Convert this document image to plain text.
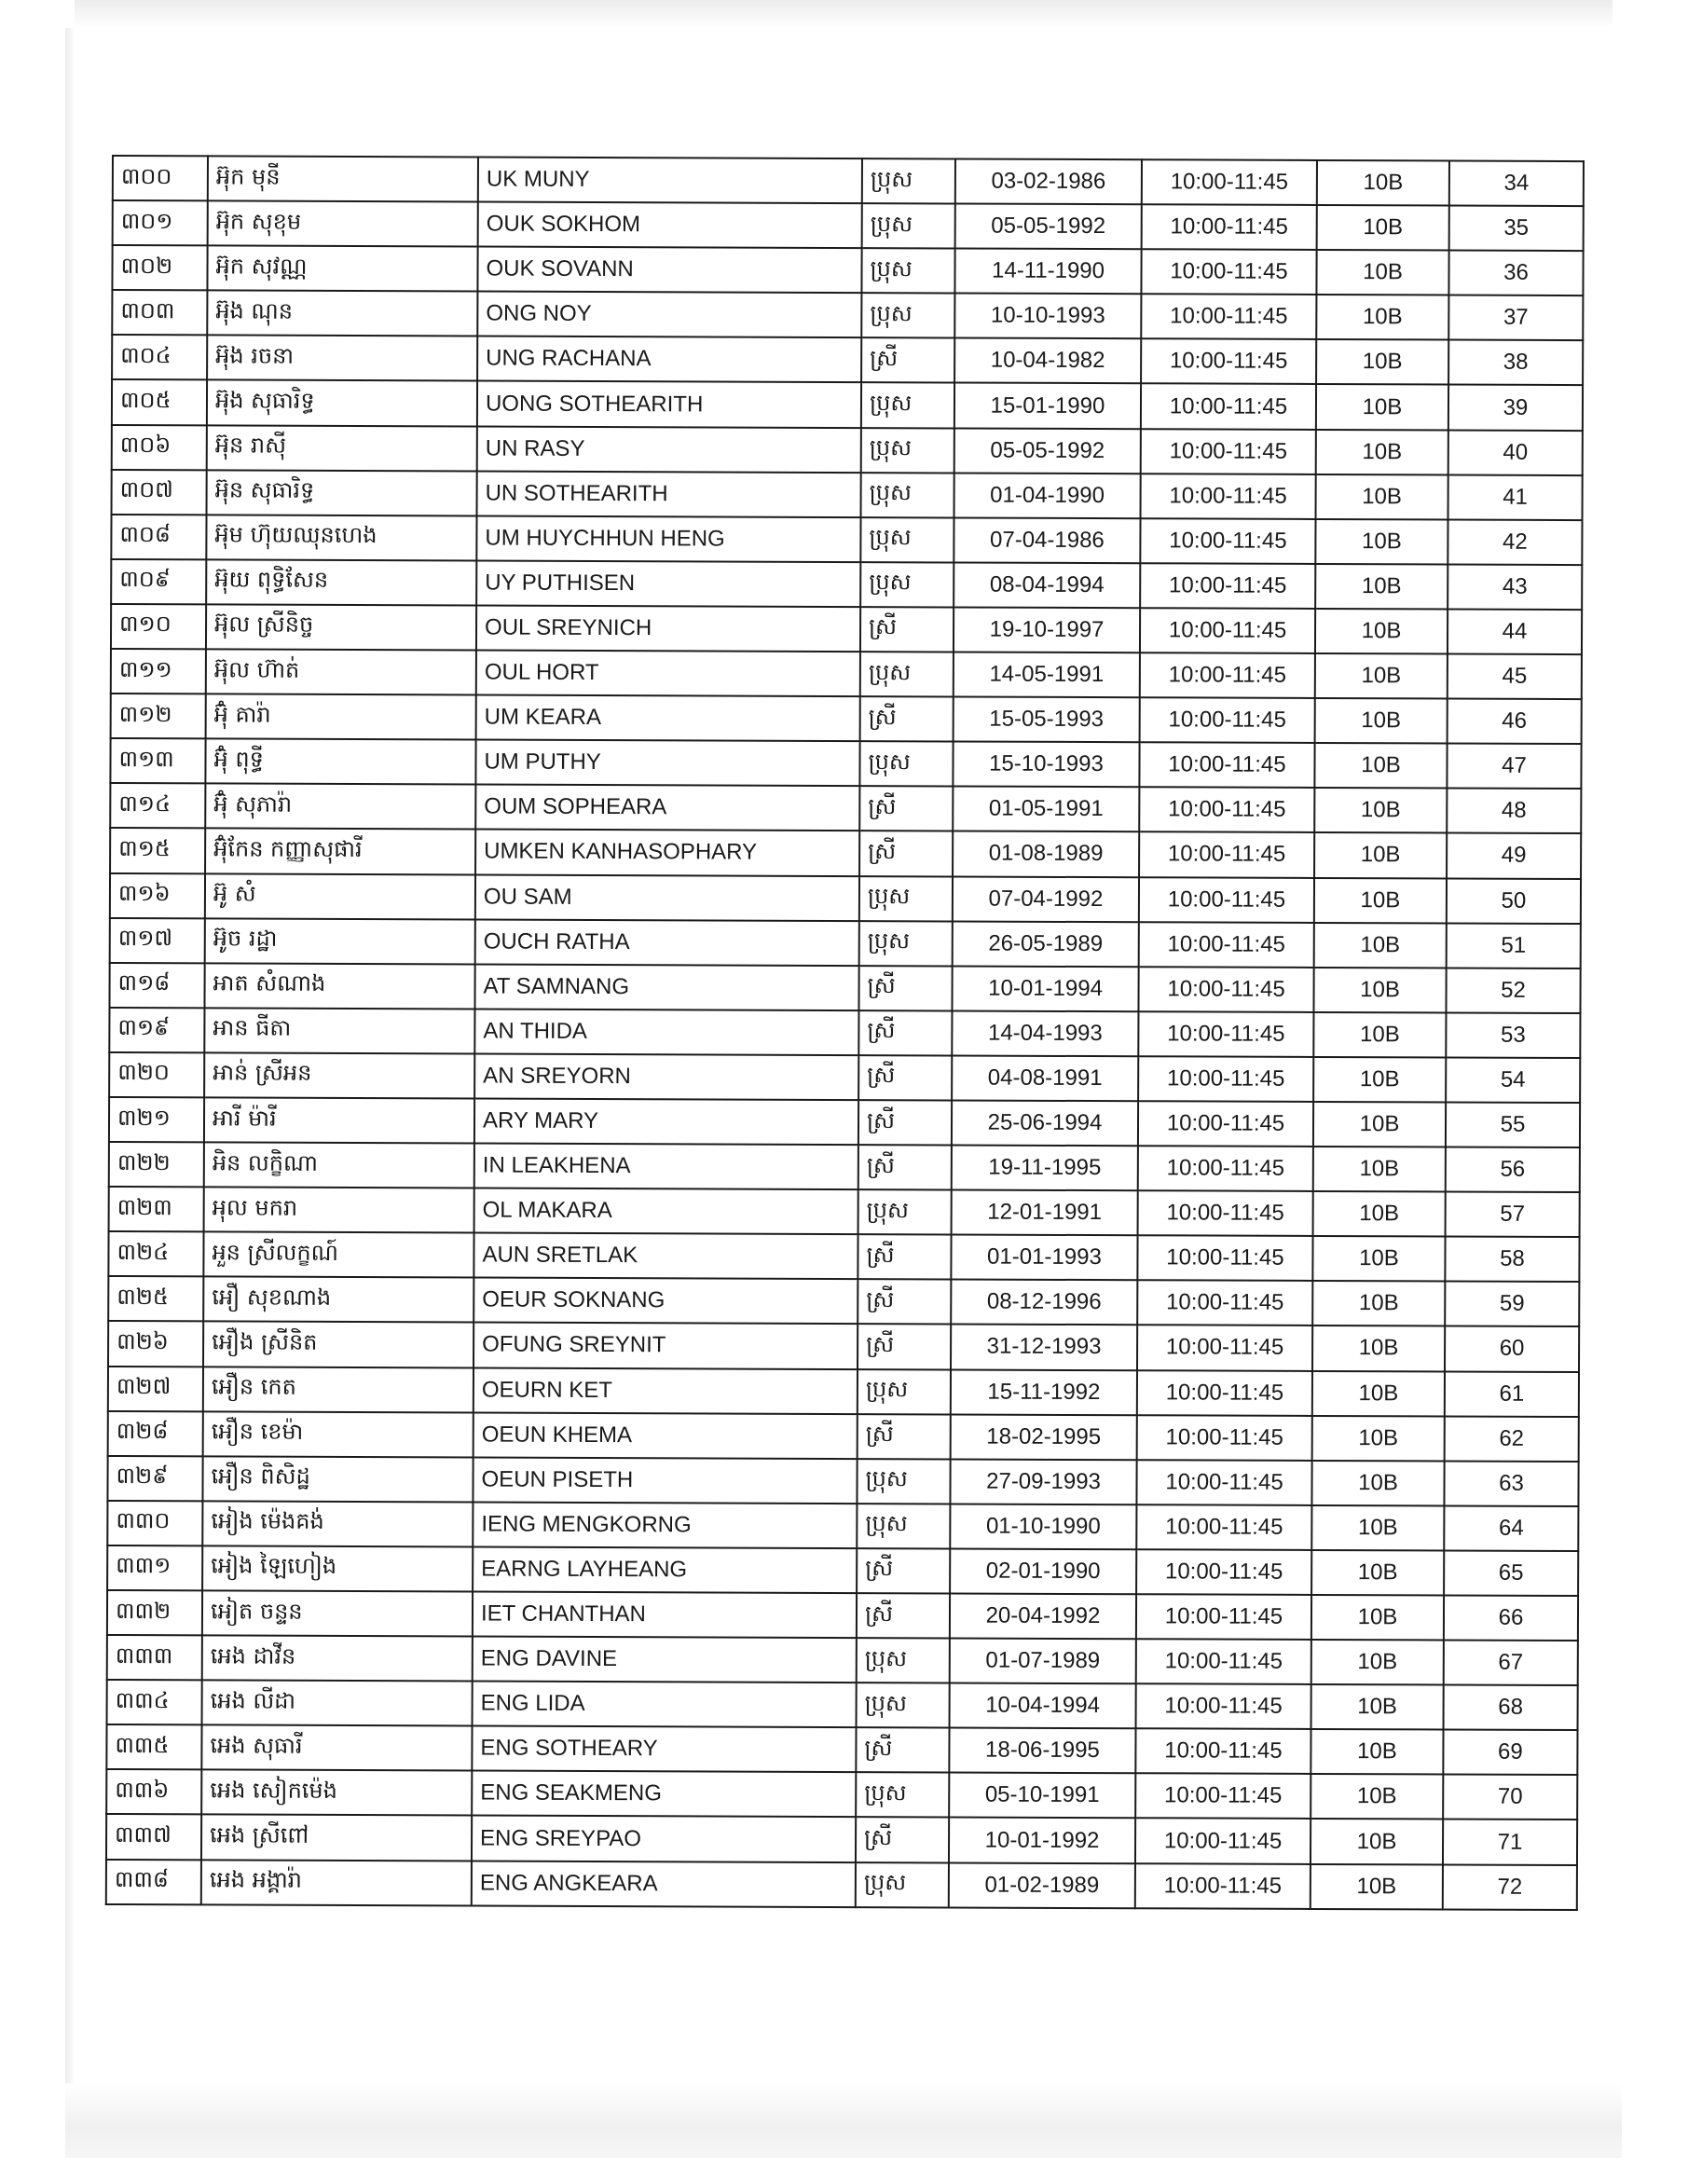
៣០០	អ៊ុក មុនី	UK MUNY	ប្រុស	03-02-1986	10:00-11:45	10B	34
៣០១	អ៊ុក សុខុម	OUK SOKHOM	ប្រុស	05-05-1992	10:00-11:45	10B	35
៣០២	អ៊ុក សុវណ្ណ	OUK SOVANN	ប្រុស	14-11-1990	10:00-11:45	10B	36
៣០៣	អ៊ុង ណុន	ONG NOY	ប្រុស	10-10-1993	10:00-11:45	10B	37
៣០៤	អ៊ុង រចនា	UNG RACHANA	ស្រី	10-04-1982	10:00-11:45	10B	38
៣០៥	អ៊ុង សុធារិទ្ធ	UONG SOTHEARITH	ប្រុស	15-01-1990	10:00-11:45	10B	39
៣០៦	អ៊ុន រាស៊ី	UN RASY	ប្រុស	05-05-1992	10:00-11:45	10B	40
៣០៧	អ៊ុន សុធារិទ្ធ	UN SOTHEARITH	ប្រុស	01-04-1990	10:00-11:45	10B	41
៣០៨	អ៊ុម ហ៊ុយឈុនហេង	UM HUYCHHUN HENG	ប្រុស	07-04-1986	10:00-11:45	10B	42
៣០៩	អ៊ុយ ពុទ្ធិសែន	UY PUTHISEN	ប្រុស	08-04-1994	10:00-11:45	10B	43
៣១០	អ៊ុល ស្រីនិច្ច	OUL SREYNICH	ស្រី	19-10-1997	10:00-11:45	10B	44
៣១១	អ៊ុល ហ៊ាត់	OUL HORT	ប្រុស	14-05-1991	10:00-11:45	10B	45
៣១២	អ៊ុំ គារ៉ា	UM KEARA	ស្រី	15-05-1993	10:00-11:45	10B	46
៣១៣	អ៊ុំ ពុទ្ធី	UM PUTHY	ប្រុស	15-10-1993	10:00-11:45	10B	47
៣១៤	អ៊ុំ សុភារ៉ា	OUM SOPHEARA	ស្រី	01-05-1991	10:00-11:45	10B	48
៣១៥	អ៊ុំកែន កញ្ញាសុផារី	UMKEN KANHASOPHARY	ស្រី	01-08-1989	10:00-11:45	10B	49
៣១៦	អ៊ូ សំ	OU SAM	ប្រុស	07-04-1992	10:00-11:45	10B	50
៣១៧	អ៊ូច រដ្ឋា	OUCH RATHA	ប្រុស	26-05-1989	10:00-11:45	10B	51
៣១៨	អាត សំណាង	AT SAMNANG	ស្រី	10-01-1994	10:00-11:45	10B	52
៣១៩	អាន ធីតា	AN THIDA	ស្រី	14-04-1993	10:00-11:45	10B	53
៣២០	អាន់ ស្រីអន	AN SREYORN	ស្រី	04-08-1991	10:00-11:45	10B	54
៣២១	អារី ម៉ារី	ARY MARY	ស្រី	25-06-1994	10:00-11:45	10B	55
៣២២	អិន លក្ខិណា	IN LEAKHENA	ស្រី	19-11-1995	10:00-11:45	10B	56
៣២៣	អុល មករា	OL MAKARA	ប្រុស	12-01-1991	10:00-11:45	10B	57
៣២៤	អួន ស្រីលក្ខណ៍	AUN SRETLAK	ស្រី	01-01-1993	10:00-11:45	10B	58
៣២៥	អឿ សុខណាង	OEUR SOKNANG	ស្រី	08-12-1996	10:00-11:45	10B	59
៣២៦	អឿង ស្រីនិត	OFUNG SREYNIT	ស្រី	31-12-1993	10:00-11:45	10B	60
៣២៧	អឿន កេត	OEURN KET	ប្រុស	15-11-1992	10:00-11:45	10B	61
៣២៨	អឿន ខេម៉ា	OEUN KHEMA	ស្រី	18-02-1995	10:00-11:45	10B	62
៣២៩	អឿន ពិសិដ្ឋ	OEUN PISETH	ប្រុស	27-09-1993	10:00-11:45	10B	63
៣៣០	អៀង ម៉េងគង់	IENG MENGKORNG	ប្រុស	01-10-1990	10:00-11:45	10B	64
៣៣១	អៀង ឡៃហៀង	EARNG LAYHEANG	ស្រី	02-01-1990	10:00-11:45	10B	65
៣៣២	អៀត ចន្ទន	IET CHANTHAN	ស្រី	20-04-1992	10:00-11:45	10B	66
៣៣៣	អេង ដាវីន	ENG DAVINE	ប្រុស	01-07-1989	10:00-11:45	10B	67
៣៣៤	អេង លីដា	ENG LIDA	ប្រុស	10-04-1994	10:00-11:45	10B	68
៣៣៥	អេង សុធារី	ENG SOTHEARY	ស្រី	18-06-1995	10:00-11:45	10B	69
៣៣៦	អេង សៀកម៉េង	ENG SEAKMENG	ប្រុស	05-10-1991	10:00-11:45	10B	70
៣៣៧	អេង ស្រីពៅ	ENG SREYPAO	ស្រី	10-01-1992	10:00-11:45	10B	71
៣៣៨	អេង អង្គារ៉ា	ENG ANGKEARA	ប្រុស	01-02-1989	10:00-11:45	10B	72
